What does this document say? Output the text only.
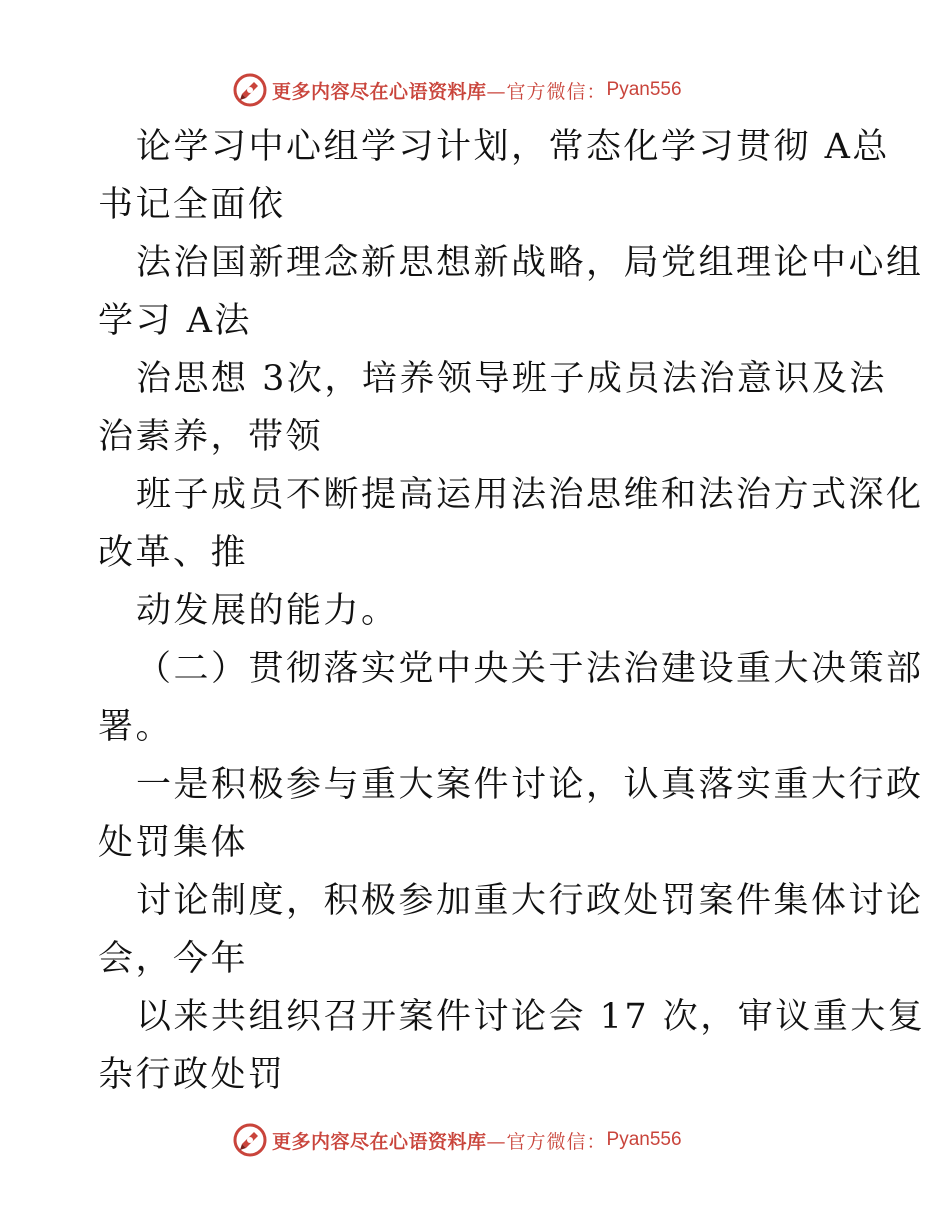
更多内容尽在心语资料库 —官方微信： Pyan556
论学习中心组学习计划，常态化学习贯彻 A总
书记全面依
法治国新理念新思想新战略，局党组理论中心组
学习 A法
治思想 3次，培养领导班子成员法治意识及法
治素养，带领
班子成员不断提高运用法治思维和法治方式深化
改革、推
动发展的能力。
（二）贯彻落实党中央关于法治建设重大决策部
署。
一是积极参与重大案件讨论，认真落实重大行政
处罚集体
讨论制度，积极参加重大行政处罚案件集体讨论
会，今年
以来共组织召开案件讨论会 17 次，审议重大复
杂行政处罚
更多内容尽在心语资料库 —官方微信： Pyan556
